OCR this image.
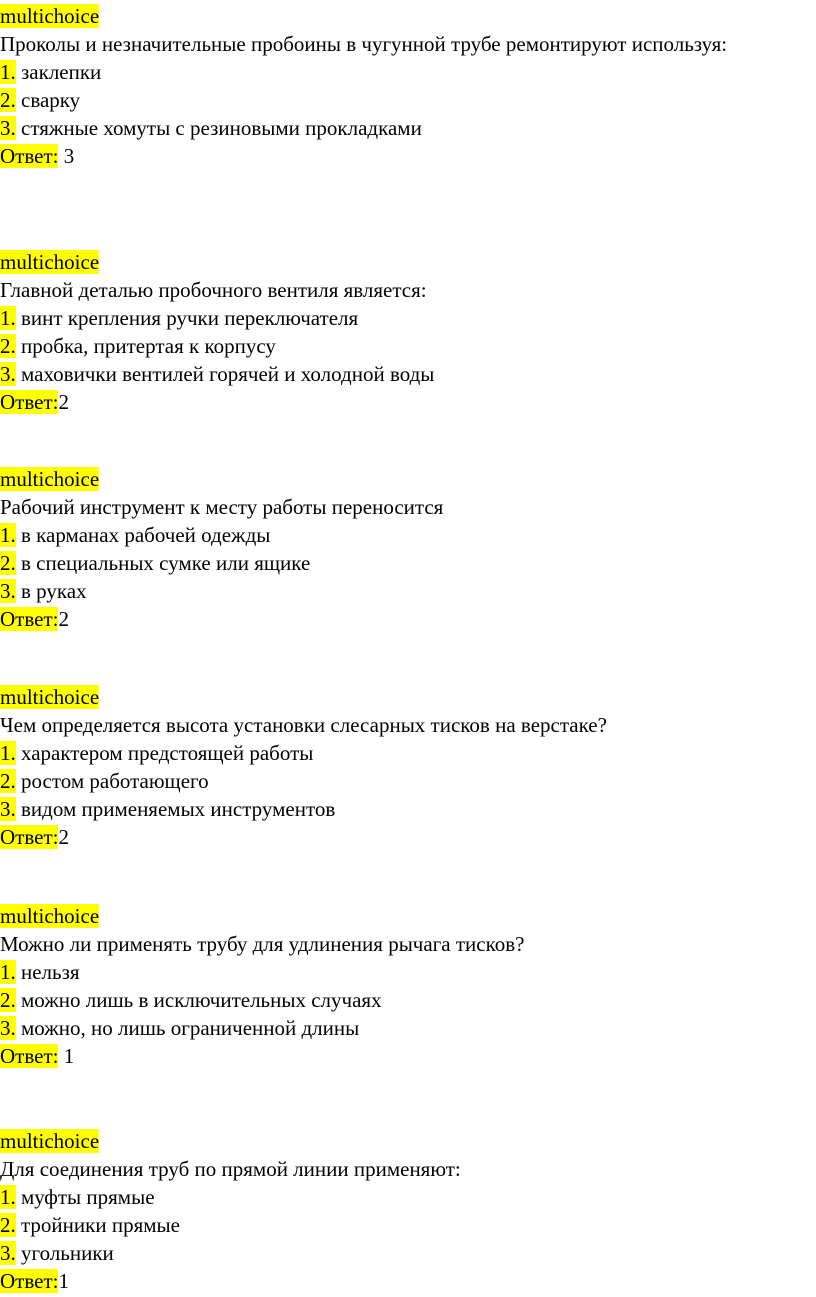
multichoice
Проколы и незначительные пробоины в чугунной трубе ремонтируют используя:
1. заклепки
2. сварку
3. стяжные хомуты с резиновыми прокладками
Ответ: 3
multichoice
Главной деталью пробочного вентиля является:
1. винт крепления ручки переключателя
2. пробка, притертая к корпусу
3. маховички вентилей горячей и холодной воды
Ответ:2
multichoice
Рабочий инструмент к месту работы переносится
1. в карманах рабочей одежды
2. в специальных сумке или ящике
3. в руках
Ответ:2
multichoice
Чем определяется высота установки слесарных тисков на верстаке?
1. характером предстоящей работы
2. ростом работающего
3. видом применяемых инструментов
Ответ:2
multichoice
Можно ли применять трубу для удлинения рычага тисков?
1. нельзя
2. можно лишь в исключительных случаях
3. можно, но лишь ограниченной длины
Ответ: 1
multichoice
Для соединения труб по прямой линии применяют:
1. муфты прямые
2. тройники прямые
3. угольники
Ответ:1
